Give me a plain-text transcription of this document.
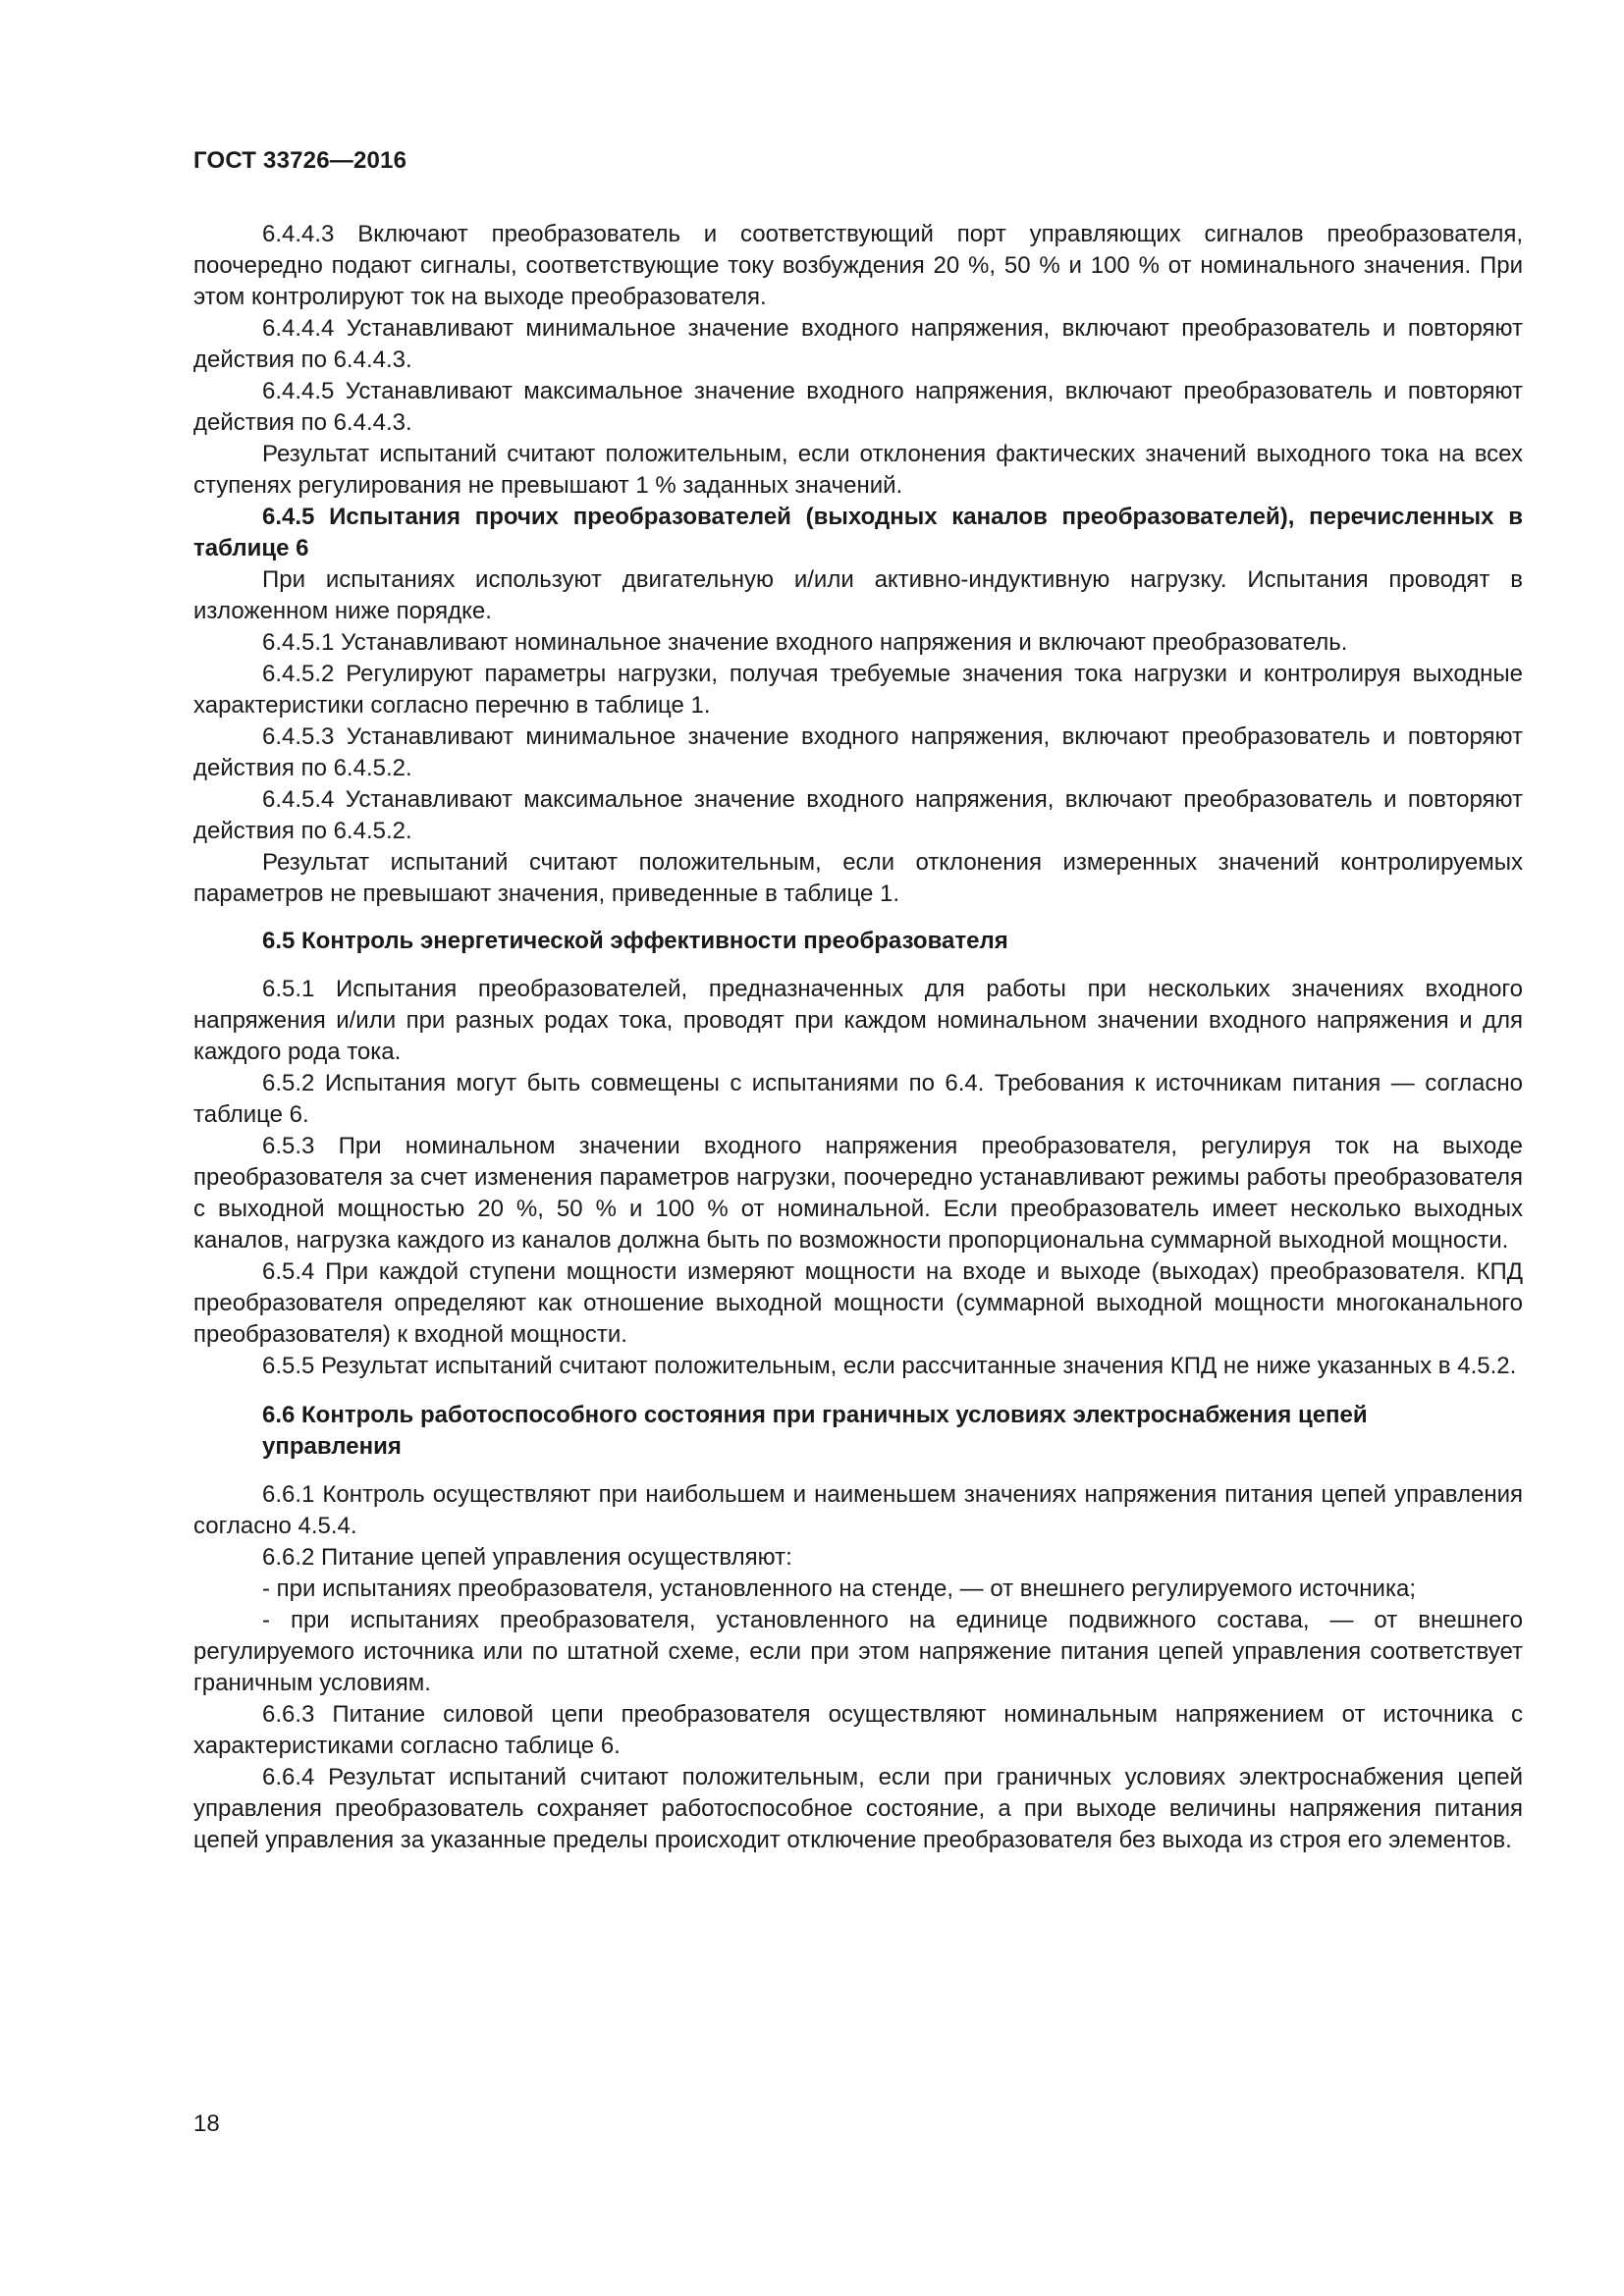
ГОСТ 33726—2016

6.4.4.3 Включают преобразователь и соответствующий порт управляющих сигналов преобразователя, поочередно подают сигналы, соответствующие току возбуждения 20 %, 50 % и 100 % от номинального значения. При этом контролируют ток на выходе преобразователя.

6.4.4.4 Устанавливают минимальное значение входного напряжения, включают преобразователь и повторяют действия по 6.4.4.3.

6.4.4.5 Устанавливают максимальное значение входного напряжения, включают преобразователь и повторяют действия по 6.4.4.3.

Результат испытаний считают положительным, если отклонения фактических значений выходного тока на всех ступенях регулирования не превышают 1 % заданных значений.

6.4.5 Испытания прочих преобразователей (выходных каналов преобразователей), перечисленных в таблице 6

При испытаниях используют двигательную и/или активно-индуктивную нагрузку. Испытания проводят в изложенном ниже порядке.

6.4.5.1 Устанавливают номинальное значение входного напряжения и включают преобразователь.

6.4.5.2 Регулируют параметры нагрузки, получая требуемые значения тока нагрузки и контролируя выходные характеристики согласно перечню в таблице 1.

6.4.5.3 Устанавливают минимальное значение входного напряжения, включают преобразователь и повторяют действия по 6.4.5.2.

6.4.5.4 Устанавливают максимальное значение входного напряжения, включают преобразователь и повторяют действия по 6.4.5.2.

Результат испытаний считают положительным, если отклонения измеренных значений контролируемых параметров не превышают значения, приведенные в таблице 1.

6.5 Контроль энергетической эффективности преобразователя

6.5.1 Испытания преобразователей, предназначенных для работы при нескольких значениях входного напряжения и/или при разных родах тока, проводят при каждом номинальном значении входного напряжения и для каждого рода тока.

6.5.2 Испытания могут быть совмещены с испытаниями по 6.4. Требования к источникам питания — согласно таблице 6.

6.5.3 При номинальном значении входного напряжения преобразователя, регулируя ток на выходе преобразователя за счет изменения параметров нагрузки, поочередно устанавливают режимы работы преобразователя с выходной мощностью 20 %, 50 % и 100 % от номинальной. Если преобразователь имеет несколько выходных каналов, нагрузка каждого из каналов должна быть по возможности пропорциональна суммарной выходной мощности.

6.5.4 При каждой ступени мощности измеряют мощности на входе и выходе (выходах) преобразователя. КПД преобразователя определяют как отношение выходной мощности (суммарной выходной мощности многоканального преобразователя) к входной мощности.

6.5.5 Результат испытаний считают положительным, если рассчитанные значения КПД не ниже указанных в 4.5.2.

6.6 Контроль работоспособного состояния при граничных условиях электроснабжения цепей управления

6.6.1 Контроль осуществляют при наибольшем и наименьшем значениях напряжения питания цепей управления согласно 4.5.4.

6.6.2 Питание цепей управления осуществляют:

- при испытаниях преобразователя, установленного на стенде, — от внешнего регулируемого источника;

- при испытаниях преобразователя, установленного на единице подвижного состава, — от внешнего регулируемого источника или по штатной схеме, если при этом напряжение питания цепей управления соответствует граничным условиям.

6.6.3 Питание силовой цепи преобразователя осуществляют номинальным напряжением от источника с характеристиками согласно таблице 6.

6.6.4 Результат испытаний считают положительным, если при граничных условиях электроснабжения цепей управления преобразователь сохраняет работоспособное состояние, а при выходе величины напряжения питания цепей управления за указанные пределы происходит отключение преобразователя без выхода из строя его элементов.

18
